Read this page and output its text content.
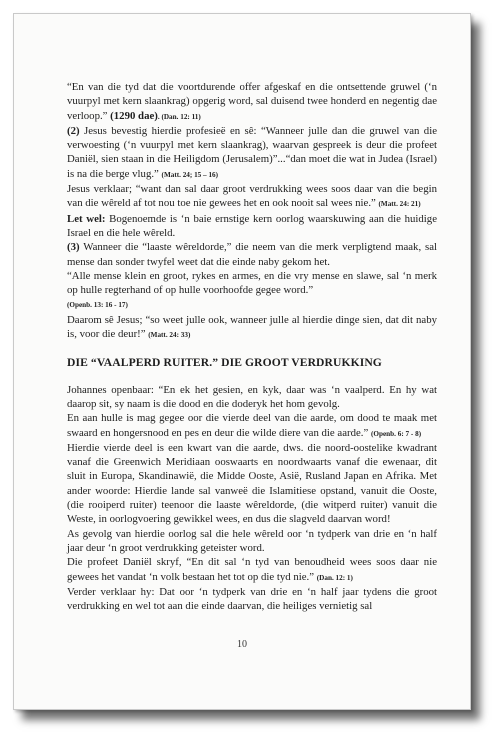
“En van die tyd dat die voortdurende offer afgeskaf en die ontsettende gruwel (‘n vuurpyl met kern slaankrag) opgerig word, sal duisend twee honderd en negentig dae verloop.” (1290 dae). (Dan. 12: 11)

(2) Jesus bevestig hierdie profesieë en sê: “Wanneer julle dan die gruwel van die verwoesting (‘n vuurpyl met kern slaankrag), waarvan gespreek is deur die profeet Daniël, sien staan in die Heiligdom (Jerusalem)”...“dan moet die wat in Judea (Israel) is na die berge vlug.” (Matt. 24; 15 – 16)

Jesus verklaar; “want dan sal daar groot verdrukking wees soos daar van die begin van die wêreld af tot nou toe nie gewees het en ook nooit sal wees nie.” (Matt. 24: 21)

Let wel: Bogenoemde is ‘n baie ernstige kern oorlog waarskuwing aan die huidige Israel en die hele wêreld.

(3) Wanneer die “laaste wêreldorde,” die neem van die merk verpligtend maak, sal mense dan sonder twyfel weet dat die einde naby gekom het.

“Alle mense klein en groot, rykes en armes, en die vry mense en slawe, sal ‘n merk op hulle regterhand of op hulle voorhoofde gegee word.”
(Openb. 13: 16 - 17)

Daarom sê Jesus; “so weet julle ook, wanneer julle al hierdie dinge sien, dat dit naby is, voor die deur!” (Matt. 24: 33)

DIE “VAALPERD RUITER.” DIE GROOT VERDRUKKING

Johannes openbaar: “En ek het gesien, en kyk, daar was ‘n vaalperd. En hy wat daarop sit, sy naam is die dood en die doderyk het hom gevolg.

En aan hulle is mag gegee oor die vierde deel van die aarde, om dood te maak met swaard en hongersnood en pes en deur die wilde diere van die aarde.” (Openb. 6: 7 - 8)

Hierdie vierde deel is een kwart van die aarde, dws. die noord-oostelike kwadrant vanaf die Greenwich Meridiaan ooswaarts en noordwaarts vanaf die ewenaar, dit sluit in Europa, Skandinawië, die Midde Ooste, Asië, Rusland Japan en Afrika. Met ander woorde: Hierdie lande sal vanweë die Islamitiese opstand, vanuit die Ooste, (die rooiperd ruiter) teenoor die laaste wêreldorde, (die witperd ruiter) vanuit die Weste, in oorlogvoering gewikkel wees, en dus die slagveld daarvan word!

As gevolg van hierdie oorlog sal die hele wêreld oor ‘n tydperk van drie en ‘n half jaar deur ‘n groot verdrukking geteister word.

Die profeet Daniël skryf, “En dit sal ‘n tyd van benoudheid wees soos daar nie gewees het vandat ‘n volk bestaan het tot op die tyd nie.” (Dan. 12: 1)

Verder verklaar hy: Dat oor ‘n tydperk van drie en ‘n half jaar tydens die groot verdrukking en wel tot aan die einde daarvan, die heiliges vernietig sal

10
